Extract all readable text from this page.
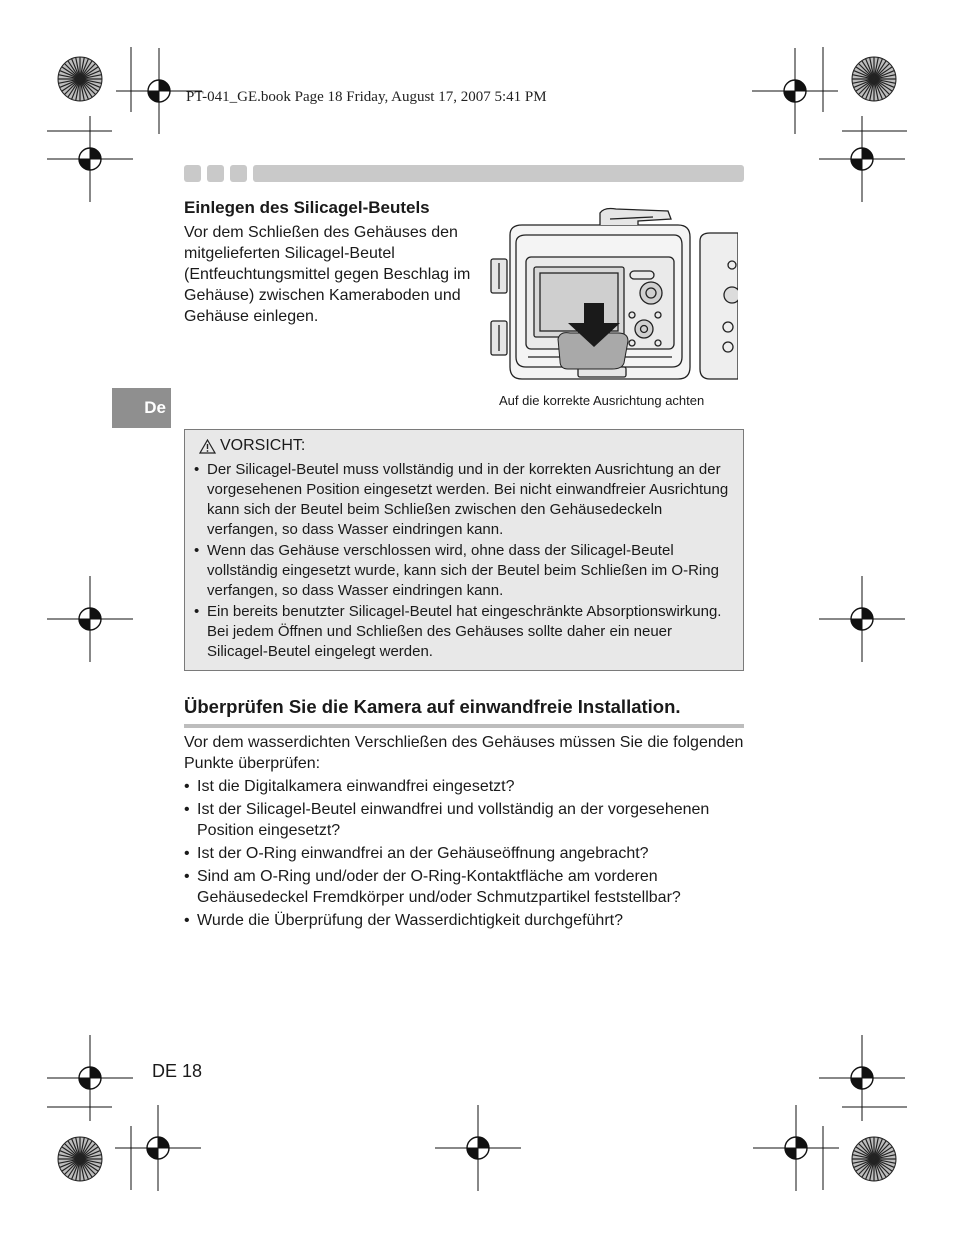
PT-041_GE.book Page 18 Friday, August 17, 2007 5:41 PM
De
Einlegen des Silicagel-Beutels
Vor dem Schließen des Gehäuses den mitgelieferten Silicagel-Beutel (Entfeuchtungsmittel gegen Beschlag im Gehäuse) zwischen Kameraboden und Gehäuse einlegen.
Auf die korrekte Ausrichtung achten
VORSICHT:
• Der Silicagel-Beutel muss vollständig und in der korrekten Ausrichtung an der vorgesehenen Position eingesetzt werden. Bei nicht einwandfreier Ausrichtung kann sich der Beutel beim Schließen zwischen den Gehäusedeckeln verfangen, so dass Wasser eindringen kann.
• Wenn das Gehäuse verschlossen wird, ohne dass der Silicagel-Beutel vollständig eingesetzt wurde, kann sich der Beutel beim Schließen im O-Ring verfangen, so dass Wasser eindringen kann.
• Ein bereits benutzter Silicagel-Beutel hat eingeschränkte Absorptionswirkung. Bei jedem Öffnen und Schließen des Gehäuses sollte daher ein neuer Silicagel-Beutel eingelegt werden.
Überprüfen Sie die Kamera auf einwandfreie Installation.
Vor dem wasserdichten Verschließen des Gehäuses müssen Sie die folgenden Punkte überprüfen:
• Ist die Digitalkamera einwandfrei eingesetzt?
• Ist der Silicagel-Beutel einwandfrei und vollständig an der vorgesehenen Position eingesetzt?
• Ist der O-Ring einwandfrei an der Gehäuseöffnung angebracht?
• Sind am O-Ring und/oder der O-Ring-Kontaktfläche am vorderen Gehäusedeckel Fremdkörper und/oder Schmutzpartikel feststellbar?
• Wurde die Überprüfung der Wasserdichtigkeit durchgeführt?
DE 18
